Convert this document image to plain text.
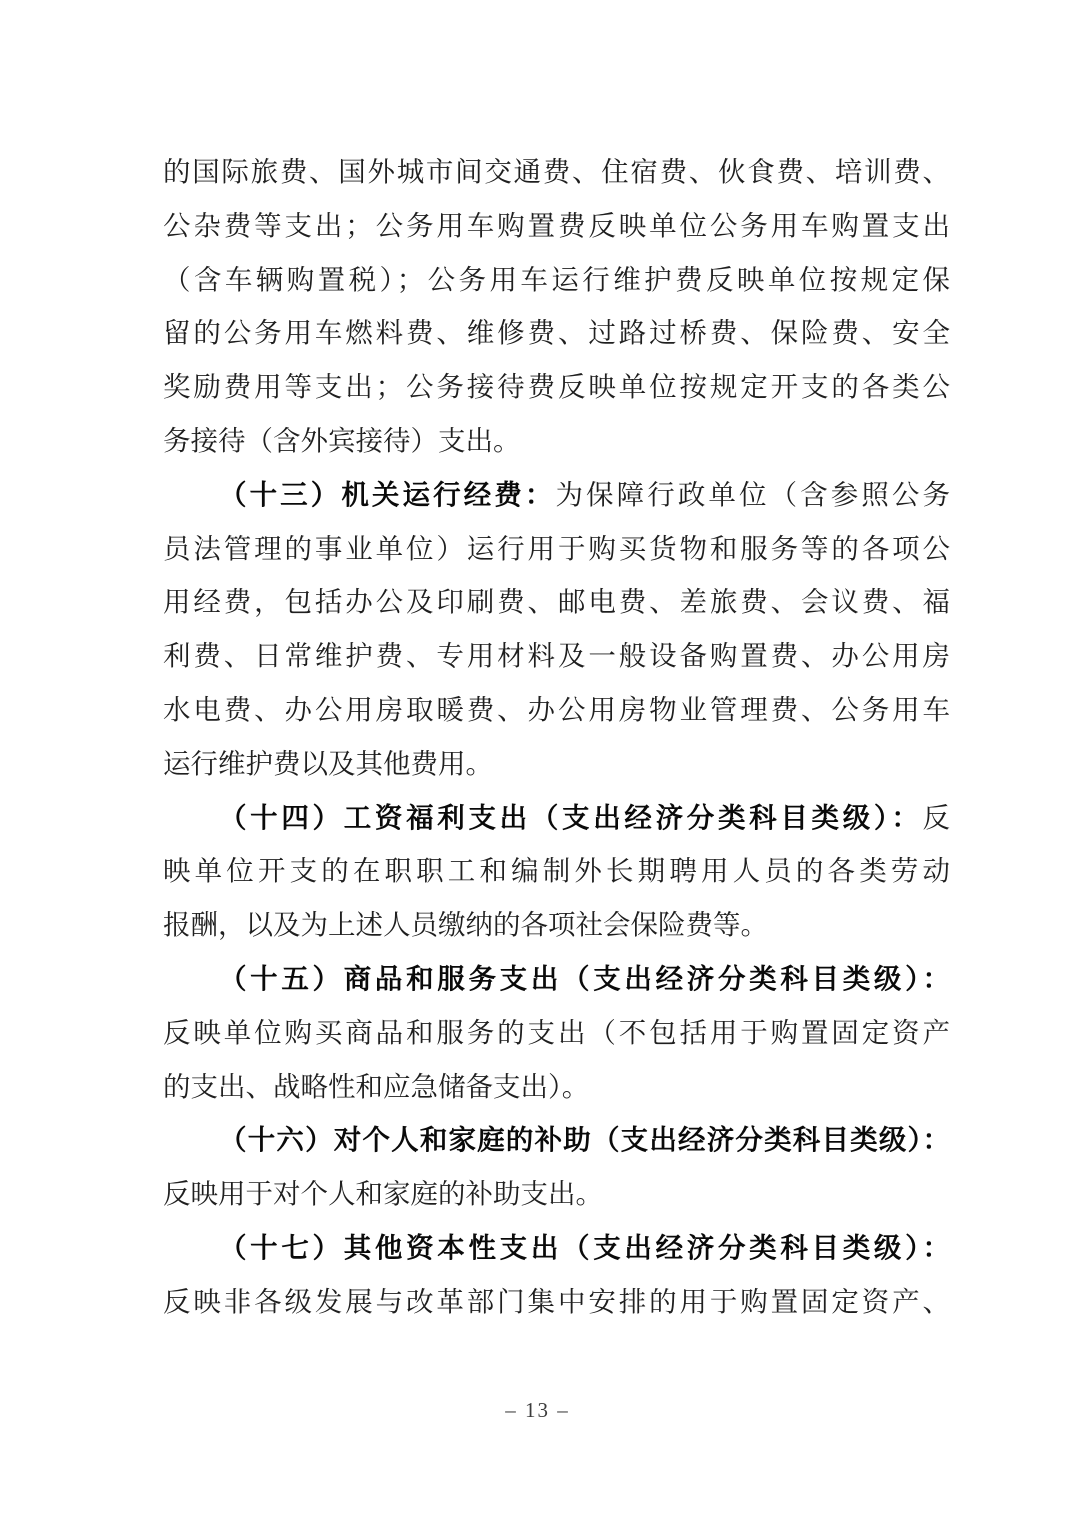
的国际旅费、国外城市间交通费、住宿费、伙食费、培训费、
公杂费等支出；公务用车购置费反映单位公务用车购置支出
（含车辆购置税）；公务用车运行维护费反映单位按规定保
留的公务用车燃料费、维修费、过路过桥费、保险费、安全
奖励费用等支出；公务接待费反映单位按规定开支的各类公
务接待（含外宾接待）支出。
（十三）机关运行经费：为保障行政单位（含参照公务
员法管理的事业单位）运行用于购买货物和服务等的各项公
用经费，包括办公及印刷费、邮电费、差旅费、会议费、福
利费、日常维护费、专用材料及一般设备购置费、办公用房
水电费、办公用房取暖费、办公用房物业管理费、公务用车
运行维护费以及其他费用。
（十四）工资福利支出（支出经济分类科目类级）：反
映单位开支的在职职工和编制外长期聘用人员的各类劳动
报酬，以及为上述人员缴纳的各项社会保险费等。
（十五）商品和服务支出（支出经济分类科目类级）：
反映单位购买商品和服务的支出（不包括用于购置固定资产
的支出、战略性和应急储备支出）。
（十六）对个人和家庭的补助（支出经济分类科目类级）：
反映用于对个人和家庭的补助支出。
（十七）其他资本性支出（支出经济分类科目类级）：
反映非各级发展与改革部门集中安排的用于购置固定资产、
– 13 –
